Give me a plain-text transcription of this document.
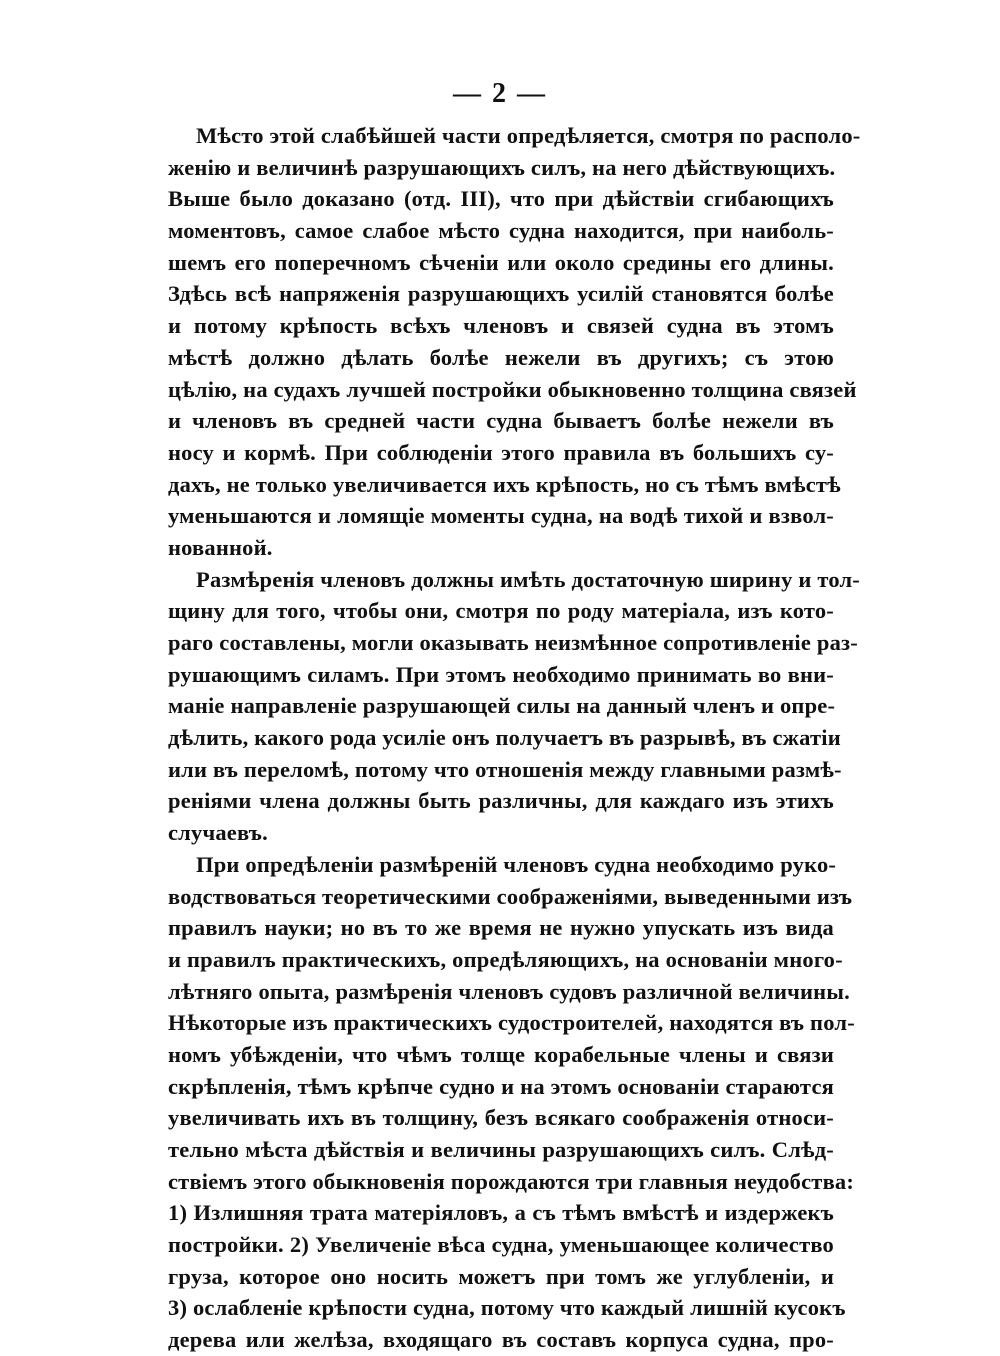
— 2 —
Мѣсто этой слабѣйшей части опредѣляется, смотря по располо-
женію и величинѣ разрушающихъ силъ, на него дѣйствующихъ.
Выше было доказано (отд. III), что при дѣйствіи сгибающихъ
моментовъ, самое слабое мѣсто судна находится, при наиболь-
шемъ его поперечномъ сѣченіи или около средины его длины.
Здѣсь всѣ напряженія разрушающихъ усилій становятся болѣе
и потому крѣпость всѣхъ членовъ и связей судна въ этомъ
мѣстѣ должно дѣлать болѣе нежели въ другихъ; съ этою
цѣлію, на судахъ лучшей постройки обыкновенно толщина связей
и членовъ въ средней части судна бываетъ болѣе нежели въ
носу и кормѣ. При соблюденіи этого правила въ большихъ су-
дахъ, не только увеличивается ихъ крѣпость, но съ тѣмъ вмѣстѣ
уменьшаются и ломящіе моменты судна, на водѣ тихой и взвол-
нованной.
Размѣренія членовъ должны имѣть достаточную ширину и тол-
щину для того, чтобы они, смотря по роду матеріала, изъ кото-
раго составлены, могли оказывать неизмѣнное сопротивленіе раз-
рушающимъ силамъ. При этомъ необходимо принимать во вни-
маніе направленіе разрушающей силы на данный членъ и опре-
дѣлить, какого рода усиліе онъ получаетъ въ разрывѣ, въ сжатіи
или въ переломѣ, потому что отношенія между главными размѣ-
реніями члена должны быть различны, для каждаго изъ этихъ
случаевъ.
При опредѣленіи размѣреній членовъ судна необходимо руко-
водствоваться теоретическими соображеніями, выведенными изъ
правилъ науки; но въ то же время не нужно упускать изъ вида
и правилъ практическихъ, опредѣляющихъ, на основаніи много-
лѣтняго опыта, размѣренія членовъ судовъ различной величины.
Нѣкоторые изъ практическихъ судостроителей, находятся въ пол-
номъ убѣжденіи, что чѣмъ толще корабельные члены и связи
скрѣпленія, тѣмъ крѣпче судно и на этомъ основаніи стараются
увеличивать ихъ въ толщину, безъ всякаго соображенія относи-
тельно мѣста дѣйствія и величины разрушающихъ силъ. Слѣд-
ствіемъ этого обыкновенія порождаются три главныя неудобства:
1) Излишняя трата матеріяловъ, а съ тѣмъ вмѣстѣ и издержекъ
постройки. 2) Увеличеніе вѣса судна, уменьшающее количество
груза, которое оно носить можетъ при томъ же углубленіи, и
3) ослабленіе крѣпости судна, потому что каждый лишній кусокъ
дерева или желѣза, входящаго въ составъ корпуса судна, про-
